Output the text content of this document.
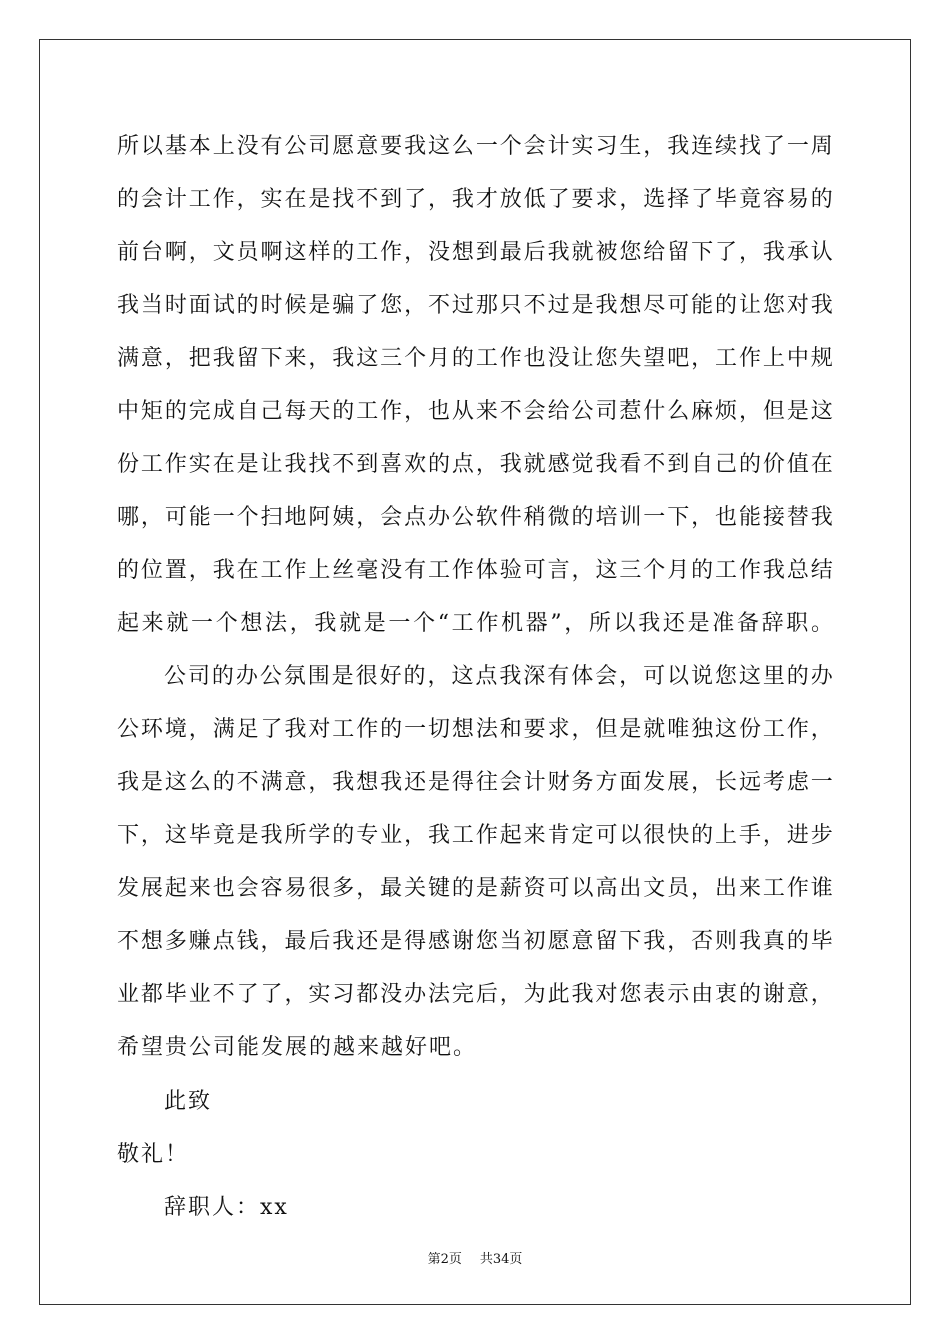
所 以 基 本 上 没 有 公 司 愿 意 要 我 这 么 一 个 会 计 实 习 生 ， 我 连 续 找 了 一 周
的 会 计 工 作 ， 实 在 是 找 不 到 了 ， 我 才 放 低 了 要 求 ， 选 择 了 毕 竟 容 易 的
前 台 啊 ， 文 员 啊 这 样 的 工 作 ， 没 想 到 最 后 我 就 被 您 给 留 下 了 ， 我 承 认
我 当 时 面 试 的 时 候 是 骗 了 您 ， 不 过 那 只 不 过 是 我 想 尽 可 能 的 让 您 对 我
满 意 ， 把 我 留 下 来 ， 我 这 三 个 月 的 工 作 也 没 让 您 失 望 吧 ， 工 作 上 中 规
中 矩 的 完 成 自 己 每 天 的 工 作 ， 也 从 来 不 会 给 公 司 惹 什 么 麻 烦 ， 但 是 这
份 工 作 实 在 是 让 我 找 不 到 喜 欢 的 点 ， 我 就 感 觉 我 看 不 到 自 己 的 价 值 在
哪 ， 可 能 一 个 扫 地 阿 姨 ， 会 点 办 公 软 件 稍 微 的 培 训 一 下 ， 也 能 接 替 我
的 位 置 ， 我 在 工 作 上 丝 毫 没 有 工 作 体 验 可 言 ， 这 三 个 月 的 工 作 我 总 结
起 来 就 一 个 想 法 ， 我 就 是 一 个 “ 工 作 机 器 ” ， 所 以 我 还 是 准 备 辞 职 。
公 司 的 办 公 氛 围 是 很 好 的 ， 这 点 我 深 有 体 会 ， 可 以 说 您 这 里 的 办
公 环 境 ， 满 足 了 我 对 工 作 的 一 切 想 法 和 要 求 ， 但 是 就 唯 独 这 份 工 作 ，
我 是 这 么 的 不 满 意 ， 我 想 我 还 是 得 往 会 计 财 务 方 面 发 展 ， 长 远 考 虑 一
下 ， 这 毕 竟 是 我 所 学 的 专 业 ， 我 工 作 起 来 肯 定 可 以 很 快 的 上 手 ， 进 步
发 展 起 来 也 会 容 易 很 多 ， 最 关 键 的 是 薪 资 可 以 高 出 文 员 ， 出 来 工 作 谁
不 想 多 赚 点 钱 ， 最 后 我 还 是 得 感 谢 您 当 初 愿 意 留 下 我 ， 否 则 我 真 的 毕
业 都 毕 业 不 了 了 ， 实 习 都 没 办 法 完 后 ， 为 此 我 对 您 表 示 由 衷 的 谢 意 ，
希望贵公司能发展的越来越好吧。
此致
敬礼！
辞职人：xx
第2页 共34页
